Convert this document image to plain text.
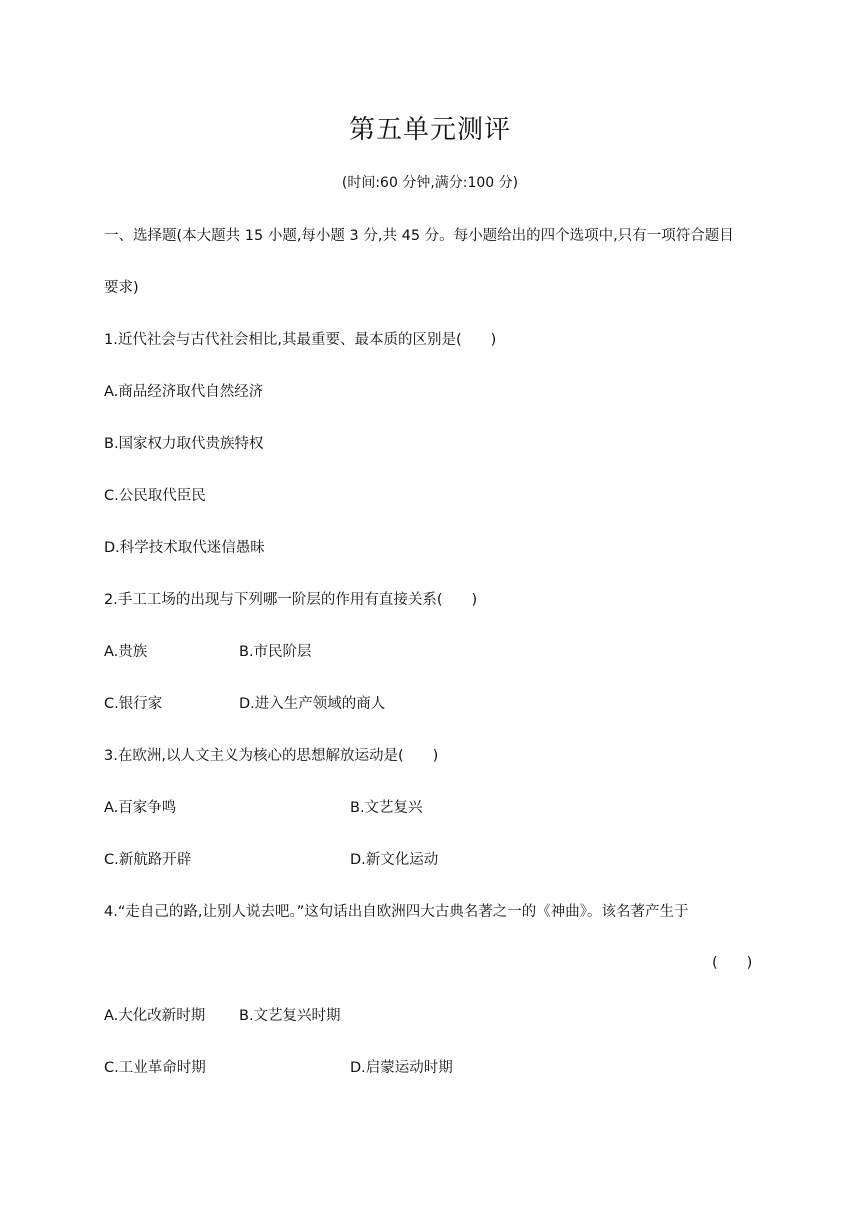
第五单元测评
(时间:60 分钟,满分:100 分)
一、选择题(本大题共 15 小题,每小题 3 分,共 45 分。每小题给出的四个选项中,只有一项符合题目
要求)
1.近代社会与古代社会相比,其最重要、最本质的区别是(　　)
A.商品经济取代自然经济
B.国家权力取代贵族特权
C.公民取代臣民
D.科学技术取代迷信愚昧
2.手工工场的出现与下列哪一阶层的作用有直接关系(　　)
A.贵族	B.市民阶层
C.银行家	D.进入生产领域的商人
3.在欧洲,以人文主义为核心的思想解放运动是(　　)
A.百家争鸣	B.文艺复兴
C.新航路开辟	D.新文化运动
4.“走自己的路,让别人说去吧。”这句话出自欧洲四大古典名著之一的《神曲》。该名著产生于
(　　)
A.大化改新时期 B.文艺复兴时期
C.工业革命时期	D.启蒙运动时期
